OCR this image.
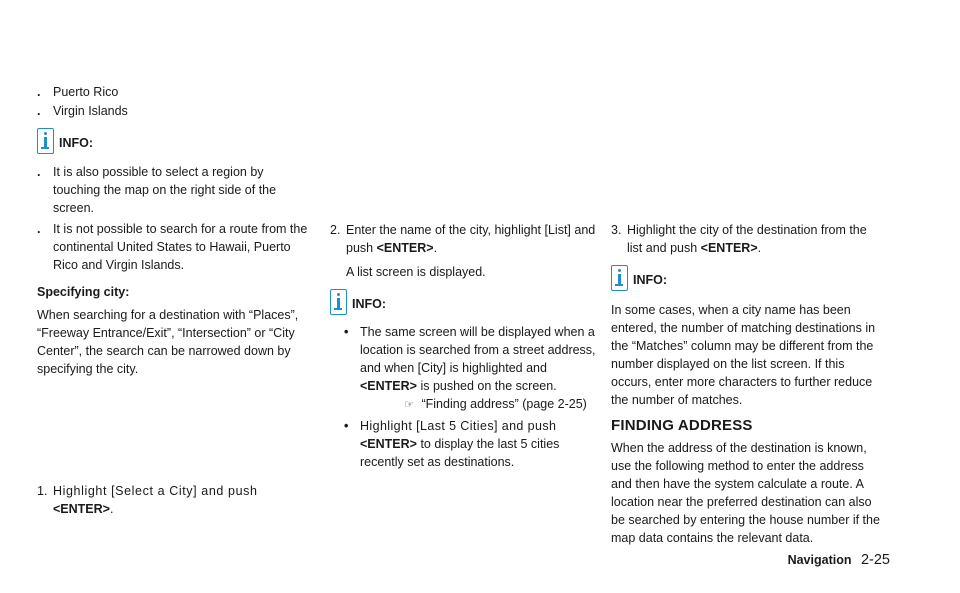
. Puerto Rico
. Virgin Islands
INFO:
. It is also possible to select a region by touching the map on the right side of the screen.
. It is not possible to search for a route from the continental United States to Hawaii, Puerto Rico and Virgin Islands.

Specifying city:

When searching for a destination with “Places”, “Freeway Entrance/Exit”, “Intersection” or “City Center”, the search can be narrowed down by specifying the city.

1. Highlight [Select a City] and push <ENTER>.
2. Enter the name of the city, highlight [List] and push <ENTER>.

A list screen is displayed.

INFO:
• The same screen will be displayed when a location is searched from a street address, and when [City] is highlighted and <ENTER> is pushed on the screen.
☞ “Finding address” (page 2-25)
• Highlight [Last 5 Cities] and push <ENTER> to display the last 5 cities recently set as destinations.
3. Highlight the city of the destination from the list and push <ENTER>.
INFO:

In some cases, when a city name has been entered, the number of matching destinations in the “Matches” column may be different from the number displayed on the list screen. If this occurs, enter more characters to further reduce the number of matches.

FINDING ADDRESS

When the address of the destination is known, use the following method to enter the address and then have the system calculate a route. A location near the preferred destination can also be searched by entering the house number if the map data contains the relevant data.

Navigation 2-25
